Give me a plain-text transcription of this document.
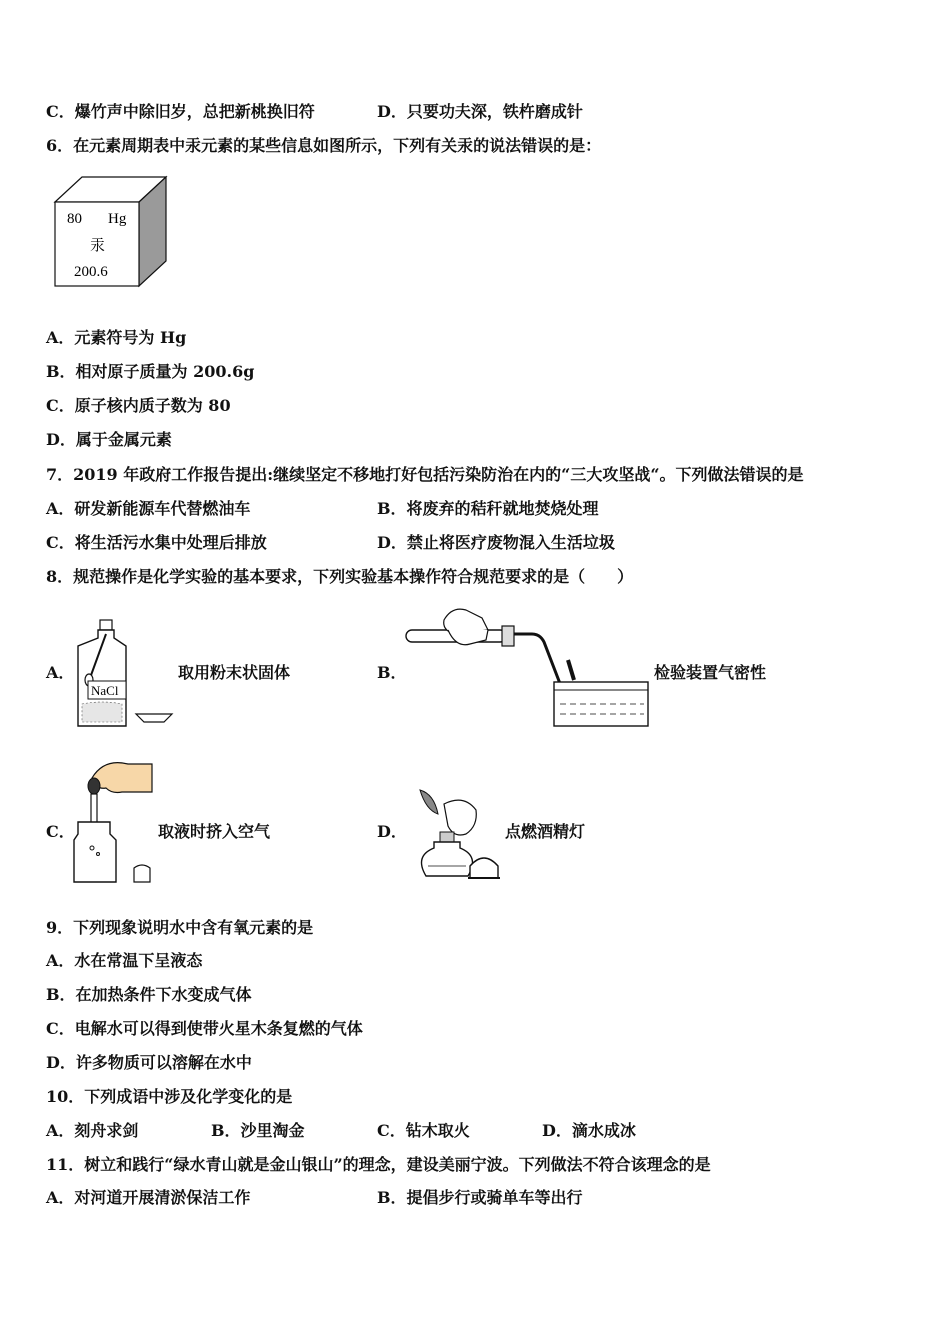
C．爆竹声中除旧岁，总把新桃换旧符	D．只要功夫深，铁杵磨成针
6．在元素周期表中汞元素的某些信息如图所示，下列有关汞的说法错误的是：
80 Hg
汞
200.6
A．元素符号为 Hg
B．相对原子质量为 200.6g
C．原子核内质子数为 80
D．属于金属元素
7．2019 年政府工作报告提出:继续坚定不移地打好包括污染防治在内的“三大攻坚战“。下列做法错误的是
A．研发新能源车代替燃油车	B．将废弃的秸秆就地焚烧处理
C．将生活污水集中处理后排放	D．禁止将医疗废物混入生活垃圾
8．规范操作是化学实验的基本要求，下列实验基本操作符合规范要求的是（　　）
A．
NaCl
取用粉末状固体	B．	检验装置气密性
C．	取液时挤入空气	D．	点燃酒精灯
9．下列现象说明水中含有氧元素的是
A．水在常温下呈液态
B．在加热条件下水变成气体
C．电解水可以得到使带火星木条复燃的气体
D．许多物质可以溶解在水中
10．下列成语中涉及化学变化的是
A．刻舟求剑	B．沙里淘金	C．钻木取火	D．滴水成冰
11．树立和践行“绿水青山就是金山银山”的理念，建设美丽宁波。下列做法不符合该理念的是
A．对河道开展清淤保洁工作	B．提倡步行或骑单车等出行
